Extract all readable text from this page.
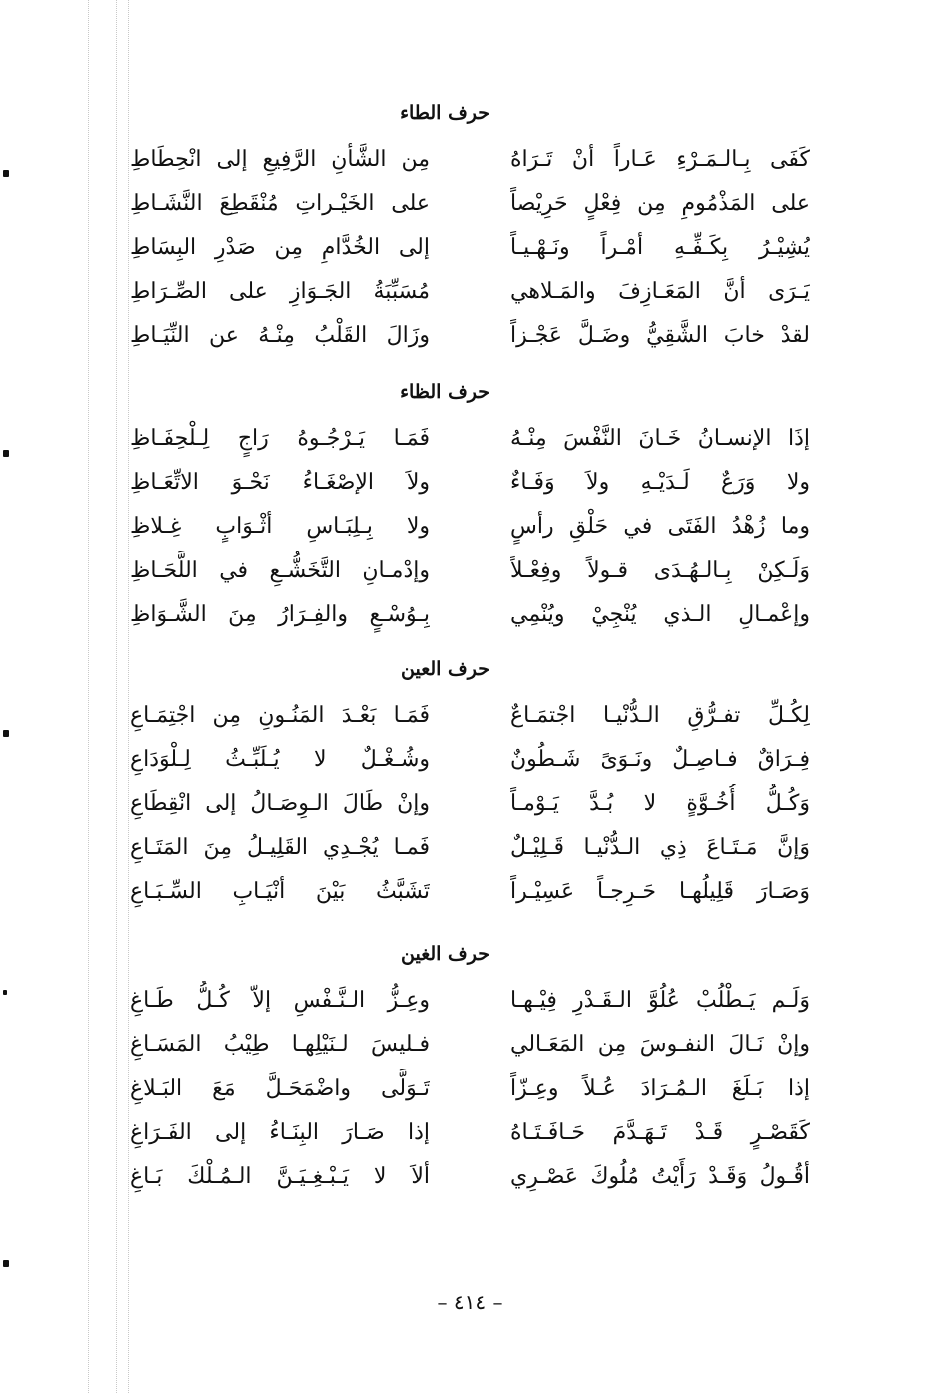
حرف الطاء
كَفَى بِـالـمَـرْءِ عَـاراً أنْ تَـرَاهُ
مِن الشَّأنِ الرَّفِيعِ إلى انْحِطَاطِ
على المَذْمُومِ مِن فِعْلٍ حَرِيْصاً
على الخَيْـراتِ مُنْقَطِعَ النَّشَـاطِ
يُشِيْـرُ بِكَـفِّـهِ أمْـراً ونَـهْـيـاً
إلى الخُدَّامِ مِن صَدْرِ البِسَاطِ
يَـرَى أنَّ المَعَـازِفَ والمَـلاهي
مُسَبِّبَةُ الجَـوَازِ على الصِّـرَاطِ
لقدْ خابَ الشَّقِيُّ وضَـلَّ عَجْـزاً
وزَالَ القَلْبُ مِنْـهُ عن النِّيَـاطِ
حرف الظاء
إذَا الإنسـانُ خَـانَ النَّفْسَ مِنْـهُ
فَمَـا يَـرْجُـوهُ رَاجٍ لِـلْحِفَـاظِ
ولا وَرَعٌ لَـدَيْـهِ ولاَ وَفَـاءٌ
ولاَ الإصْغَـاءُ نَحْـوَ الاتِّعَـاظِ
وما زُهْدُ الفَتَى في حَلْقِ رأسٍ
ولا بِـلِبَـاسِ أثْـوَابٍ غِـلاظِ
وَلَـكِنْ بِـالـهُـدَى قـولاً وفِعْـلاً
وإدْمـانِ التَّخَشُّـعِ في اللَّحَـاظِ
وإعْمـالِ الـذي يُنْجِيْ ويُنْمِي
بِـوُسْـعٍ والفِـرَارُ مِنَ الشَّـوَاظِ
حرف العين
لِكُـلِّ تفـرُّقِ الـدُّنْيـا اجْتمَـاعٌ
فَمَـا بَعْـدَ المَنُـونِ مِن اجْتِمَـاعِ
فِـرَاقٌ فـاصِـلٌ ونَـوَىً شَـطُونٌ
وشُـغْـلٌ لا يُـلَبِّـثُ لِـلْوَدَاعِ
وَكُـلُّ أُخُـوَّةٍ لا بُـدَّ يَـوْمـاً
وإنْ طَالَ الـوِصَـالُ إلى انْقِطَاعِ
وَإنَّ مَـتَـاعَ ذِي الـدُّنْيـا قَـلِيْـلٌ
فَمـا يُجْـدِي القَلِيـلُ مِنَ المَتَـاعِ
وَصَـارَ قَلِيلُهـا حَـرِجـاً عَسِيْـراً
تَشَبَّثُ بَيْنَ أنْيَـابِ السِّـبَـاعِ
حرف الغين
وَلَـم يَـطْلُبْ عُلُوَّ الـقَـدْرِ فِيْـهـا
وعِـزُّ الـنَّـفْسِ إلاّ كُـلُّ طَـاغِ
وإنْ نَـالَ النفـوسَ مِن المَعَـالي
فـليسَ لـنَيْلِهـا طِيْبُ المَسَـاغِ
إذا بَـلَغَ الـمُـرَادَ عُـلاً وعِـزّاً
تَـوَلَّى واضْمَحَـلَّ مَعَ البَـلاغِ
كَقَصْـرٍ قَـدْ تَـهَـدَّمَ حَـافَـتَـاهُ
إذا صَـارَ البِنَـاءُ إلى الفَـرَاغِ
أقُـولُ وَقَـدْ رَأَيْتُ مُلُوكَ عَصْـرِي
ألاَ لا يَـبْـغِـيَـنَّ الـمُـلْكَ بَـاغِ
– ٤١٤ –
